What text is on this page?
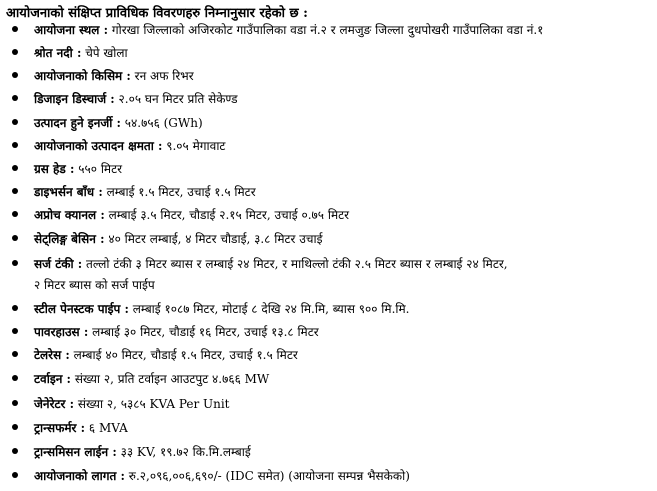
आयोजनाको संक्षिप्त प्राविधिक विवरणहरु निम्नानुसार रहेको छ :
आयोजना स्थल : गोरखा जिल्लाको अजिरकोट गाउँपालिका वडा नं.२ र लमजुङ जिल्ला दुधपोखरी गाउँपालिका वडा नं.१
श्रोत नदी : चेपे खोला
आयोजनाको किसिम : रन अफ रिभर
डिजाइन डिस्चार्ज : २.०५ घन मिटर प्रति सेकेण्ड
उत्पादन हुने इनर्जी : ५४.७५६ (GWh)
आयोजनाको उत्पादन क्षमता : ९.०५ मेगावाट
ग्रस हेड : ५५० मिटर
डाइभर्सन बाँध : लम्बाई १.५ मिटर, उचाई १.५ मिटर
अप्रोच क्यानल : लम्बाई ३.५ मिटर, चौडाई २.१५ मिटर, उचाई ०.७५ मिटर
सेट्लिङ्ग बेसिन : ४० मिटर लम्बाई, ४ मिटर चौडाई, ३.८ मिटर उचाई
सर्ज टंकी : तल्लो टंकी ३ मिटर ब्यास र लम्बाई २४ मिटर, र माथिल्लो टंकी २.५ मिटर ब्यास र लम्बाई २४ मिटर,
२ मिटर ब्यास को सर्ज पाईप
स्टील पेनस्टक पाईप : लम्बाई १०८७ मिटर, मोटाई ८ देखि २४ मि.मि, ब्यास ९०० मि.मि.
पावरहाउस : लम्बाई ३० मिटर, चौडाई १६ मिटर, उचाई १३.८ मिटर
टेलरेस : लम्बाई ४० मिटर, चौडाई १.५ मिटर, उचाई १.५ मिटर
टर्वाइन : संख्या २, प्रति टर्वाइन आउटपुट ४.७६६ MW
जेनेरेटर : संख्या २, ५३८५ KVA Per Unit
ट्रान्सफर्मर : ६ MVA
ट्रान्समिसन लाईन : ३३ KV, १९.७२ कि.मि.लम्बाई
आयोजनाको लागत : रु.२,०९६,००६,६९०/- (IDC समेत) (आयोजना सम्पन्न भैसकेको)
